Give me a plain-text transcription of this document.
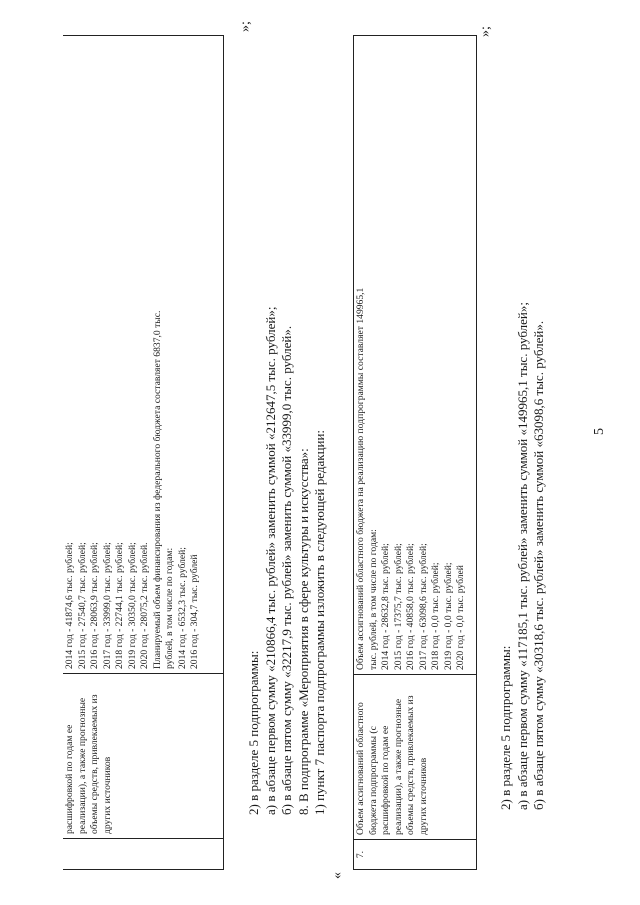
5
расшифровкой по годам ее реализации), а также прогнозные объемы средств, привлекаемых из других источников
2014 год - 41874,6 тыс. рублей; 2015 год - 27540,7 тыс. рублей; 2016 год - 28063,9 тыс. рублей; 2017 год - 33999,0 тыс. рублей; 2018 год - 22744,1 тыс. рублей; 2019 год - 30350,0 тыс. рублей; 2020 год - 28075,2 тыс. рублей. Планируемый объем финансирования из федерального бюджета составляет 6837,0 тыс. рублей, в том числе по годам: 2014 год - 6532,3 тыс. рублей; 2016 год - 304,7 тыс. рублей
»;
2) в разделе 5 подпрограммы: а) в абзаце первом сумму «210866,4 тыс. рублей» заменить суммой «212647,5 тыс. рублей»; б) в абзаце пятом сумму «32217,9 тыс. рублей» заменить суммой «33999,0 тыс. рублей». 8. В подпрограмме «Мероприятия в сфере культуры и искусства»: 1) пункт 7 паспорта подпрограммы изложить в следующей редакции:
«
7.
Объем ассигнований областного бюджета подпрограммы (с расшифровкой по годам ее реализации), а также прогнозные объемы средств, привлекаемых из других источников
Объем ассигнований областного бюджета на реализацию подпрограммы составляет 149965,1 тыс. рублей, в том числе по годам: 2014 год - 28632,8 тыс. рублей; 2015 год - 17375,7 тыс. рублей; 2016 год - 40858,0 тыс. рублей; 2017 год - 63098,6 тыс. рублей; 2018 год - 0,0 тыс. рублей; 2019 год - 0,0 тыс. рублей; 2020 год - 0,0 тыс. рублей
»;
2) в разделе 5 подпрограммы: а) в абзаце первом сумму «117185,1 тыс. рублей» заменить суммой «149965,1 тыс. рублей»; б) в абзаце пятом сумму «30318,6 тыс. рублей» заменить суммой «63098,6 тыс. рублей».
